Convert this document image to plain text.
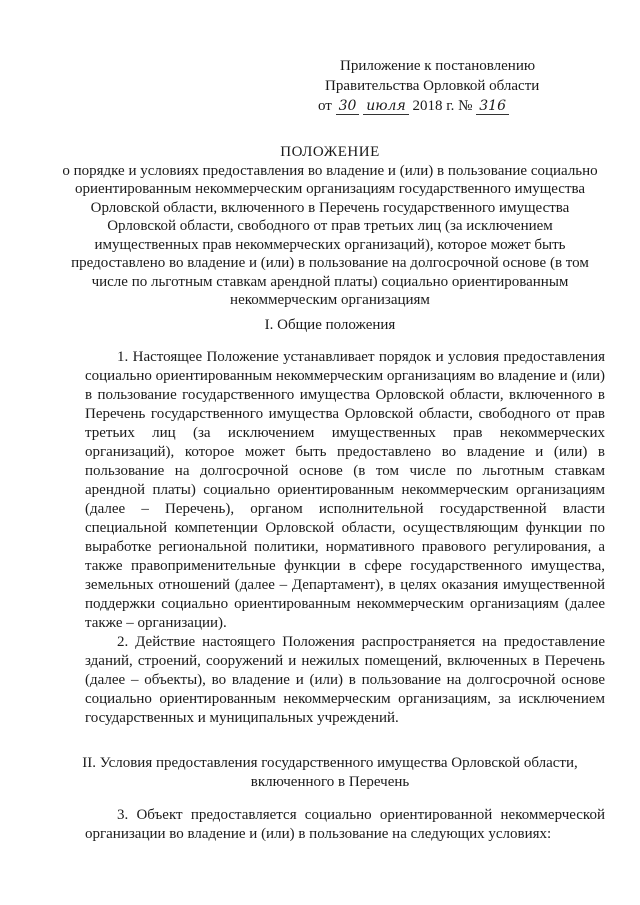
Приложение к постановлению
Правительства Орловкой области
от 30 июля 2018 г. № 316
ПОЛОЖЕНИЕ

о порядке и условиях предоставления во владение и (или) в пользование социально ориентированным некоммерческим организациям государственного имущества Орловской области, включенного в Перечень государственного имущества Орловской области, свободного от прав третьих лиц (за исключением имущественных прав некоммерческих организаций), которое может быть предоставлено во владение и (или) в пользование на долгосрочной основе (в том числе по льготным ставкам арендной платы) социально ориентированным некоммерческим организациям

I. Общие положения

1. Настоящее Положение устанавливает порядок и условия предоставления социально ориентированным некоммерческим организациям во владение и (или) в пользование государственного имущества Орловской области, включенного в Перечень государственного имущества Орловской области, свободного от прав третьих лиц (за исключением имущественных прав некоммерческих организаций), которое может быть предоставлено во владение и (или) в пользование на долгосрочной основе (в том числе по льготным ставкам арендной платы) социально ориентированным некоммерческим организациям (далее – Перечень), органом исполнительной государственной власти специальной компетенции Орловской области, осуществляющим функции по выработке региональной политики, нормативного правового регулирования, а также правоприменительные функции в сфере государственного имущества, земельных отношений (далее – Департамент), в целях оказания имущественной поддержки социально ориентированным некоммерческим организациям (далее также – организации).

2. Действие настоящего Положения распространяется на предоставление зданий, строений, сооружений и нежилых помещений, включенных в Перечень (далее – объекты), во владение и (или) в пользование на долгосрочной основе социально ориентированным некоммерческим организациям, за исключением государственных и муниципальных учреждений.

II. Условия предоставления государственного имущества Орловской области, включенного в Перечень

3. Объект предоставляется социально ориентированной некоммерческой организации во владение и (или) в пользование на следующих условиях:
